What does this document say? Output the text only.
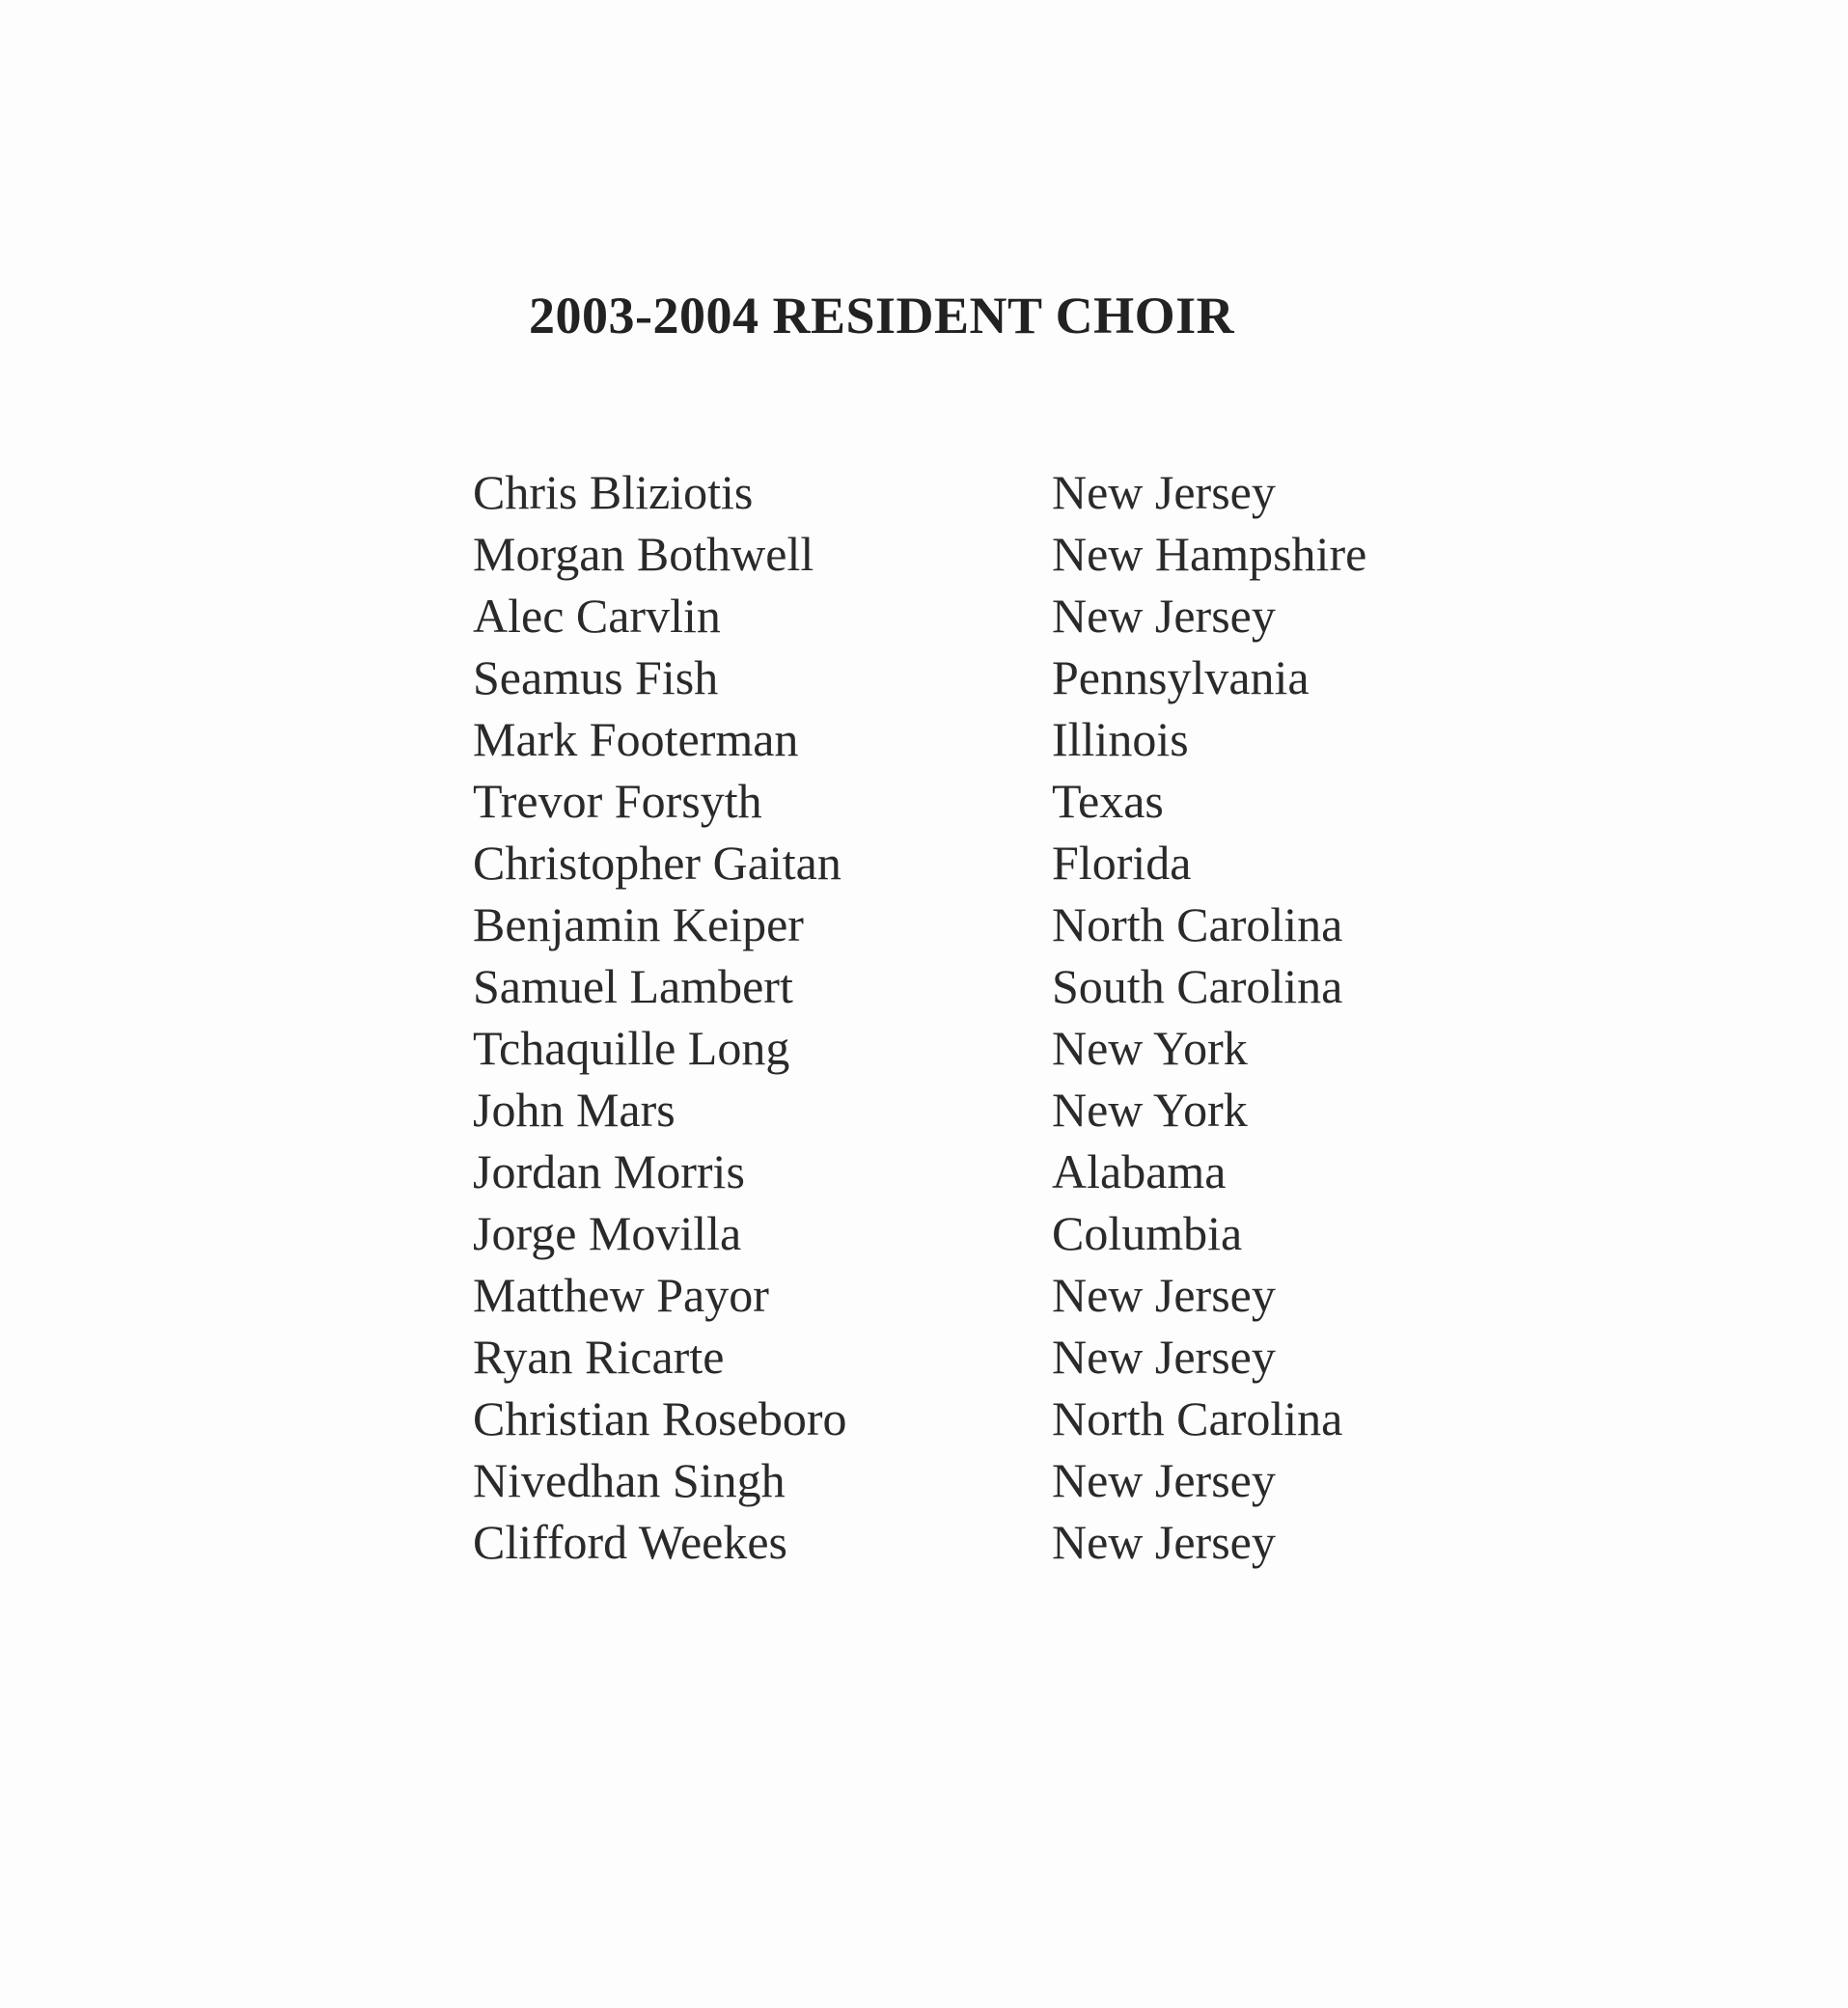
2003-2004 RESIDENT CHOIR
Chris Bliziotis	New Jersey
Morgan Bothwell	New Hampshire
Alec Carvlin	New Jersey
Seamus Fish	Pennsylvania
Mark Footerman	Illinois
Trevor Forsyth	Texas
Christopher Gaitan	Florida
Benjamin Keiper	North Carolina
Samuel Lambert	South Carolina
Tchaquille Long	New York
John Mars	New York
Jordan Morris	Alabama
Jorge Movilla	Columbia
Matthew Payor	New Jersey
Ryan Ricarte	New Jersey
Christian Roseboro	North Carolina
Nivedhan Singh	New Jersey
Clifford Weekes	New Jersey
